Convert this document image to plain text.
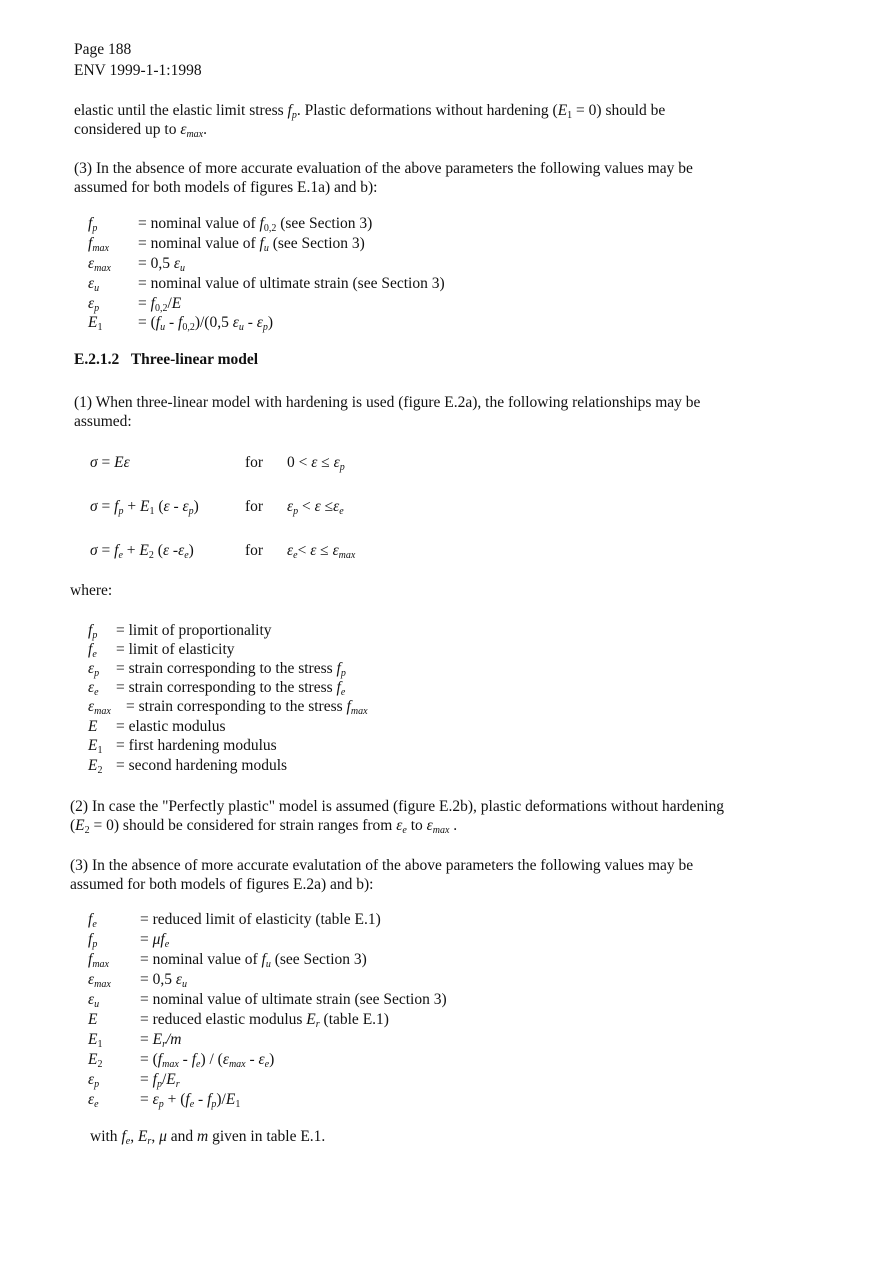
Page 188
ENV 1999-1-1:1998
elastic until the elastic limit stress $f_p$. Plastic deformations without hardening $(E_1 = 0)$ should be
considered up to $\varepsilon_{max}$.
(3) In the absence of more accurate evaluation of the above parameters the following values may be
assumed for both models of figures E.1a) and b):
$f_p$	= nominal value of $f_{0,2}$ (see Section 3)
$f_{max}$ = nominal value of $f_u$ (see Section 3)
$\varepsilon_{max} = 0,5$ $\varepsilon_u$
$\varepsilon_u$	= nominal value of ultimate strain (see Section 3)
$\varepsilon_p$	= $f_{0,2}/E$
$E_1 = (f_u - f_{0,2})/(0,5$ $\varepsilon_u - \varepsilon_p$)
E.2.1.2 Three-linear model
(1) When three-linear model with hardening is used (figure E.2a), the following relationships may be
assumed:
σ = Eε	for $0 < \varepsilon \le \varepsilon_p$
$\sigma = f_p + E_1$ $(\varepsilon - \varepsilon_p)$	for $\varepsilon_p < \varepsilon \le\varepsilon_e$
$\sigma = f_e + E_2$ (ε $-\varepsilon_e$)	for $\varepsilon_e< \varepsilon \le \varepsilon_{max}$
where:
$f_p$ = limit of proportionality
$f_e$ = limit of elasticity
$\varepsilon_p$ = strain corresponding to the stress $f_p$
$\varepsilon_e$ = strain corresponding to the stress $f_e$
$\varepsilon_{max}$ = strain corresponding to the stress $f_{max}$
E = elastic modulus
$E_1$ = first hardening modulus
$E_2$ = second hardening moduls
(2) In case the "Perfectly plastic" model is assumed (figure E.2b), plastic deformations without hardening
$(E_2 = 0)$ should be considered for strain ranges from $\varepsilon_e$ to $\varepsilon_{max}$ .
(3) In the absence of more accurate evalutation of the above parameters the following values may be
assumed for both models of figures E.2a) and b):
$f_e$	= reduced limit of elasticity (table E.1)
$f_p$	= $\mu f_e$
$f_{max}$ = nominal value of $f_u$ (see Section 3)
$\varepsilon_{max} = 0,5$ $\varepsilon_u$
$\varepsilon_u$	= nominal value of ultimate strain (see Section 3)
E	= reduced elastic modulus $E_r$ (table E.1)
$E_1 = E_r/m$
$E_2 = (f_{max} - f_e) / (\varepsilon_{max} - \varepsilon_e)$
$\varepsilon_p$	= $f_p/E_r$
$\varepsilon_e$	= $\varepsilon_p + (f_e - f_p)/E_1$
with $f_e$, $E_r$, μ and m given in table E.1.
